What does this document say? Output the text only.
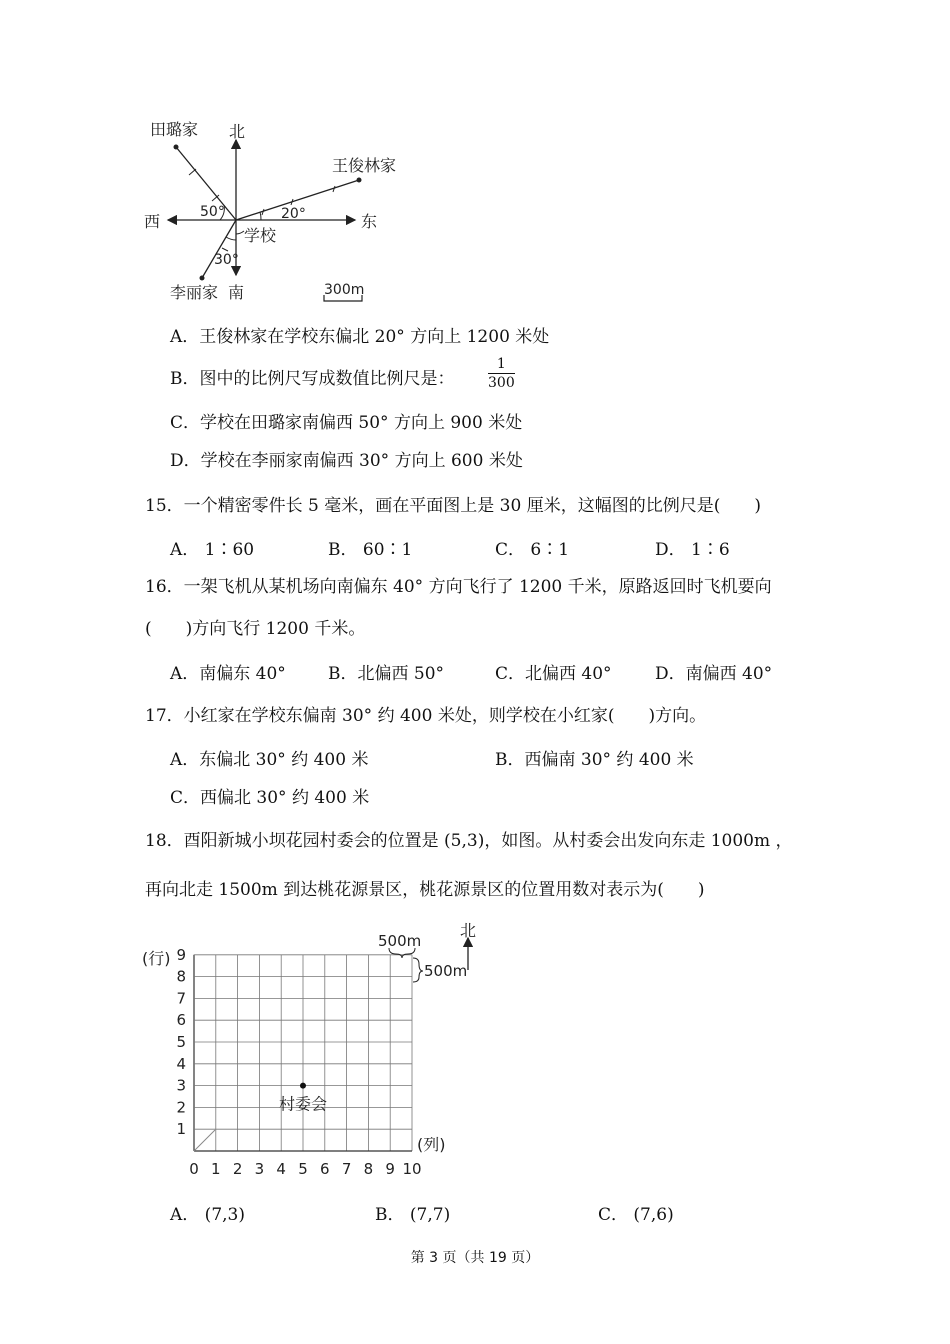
田璐家 北
王俊林家
西	东
学校
李丽家 南
50°	20°
30°
300m
A．王俊林家在学校东偏北 20° 方向上 1200 米处
B．图中的比例尺写成数值比例尺是： $\frac{1}{300}$
C．学校在田璐家南偏西 50° 方向上 900 米处
D．学校在李丽家南偏西 30° 方向上 600 米处
15．一个精密零件长 5 毫米，画在平面图上是 30 厘米，这幅图的比例尺是(　　)
A． 1∶60	B． 60∶1	C． 6∶1	D． 1∶6
16．一架飞机从某机场向南偏东 40° 方向飞行了 1200 千米，原路返回时飞机要向
(　　)方向飞行 1200 千米。
A．南偏东 40° B．北偏西 50°	C．北偏西 40°	D．南偏西 40°
17．小红家在学校东偏南 30° 约 400 米处，则学校在小红家(　　)方向。
A．东偏北 30° 约 400 米	B．西偏南 30° 约 400 米
C．西偏北 30° 约 400 米
18．酉阳新城小坝花园村委会的位置是 (5,3)，如图。从村委会出发向东走 1000m ，
再向北走 1500m 到达桃花源景区，桃花源景区的位置用数对表示为(　　)
1
2
3
4
5
6
7
8
9
0 1 2 3 4 5 6 7 8 9 10
(行)
(列)
北
500m
500m
村委会
A． (7,3)	B． (7,7)	C． (7,6)
第 3 页（共 19 页）
